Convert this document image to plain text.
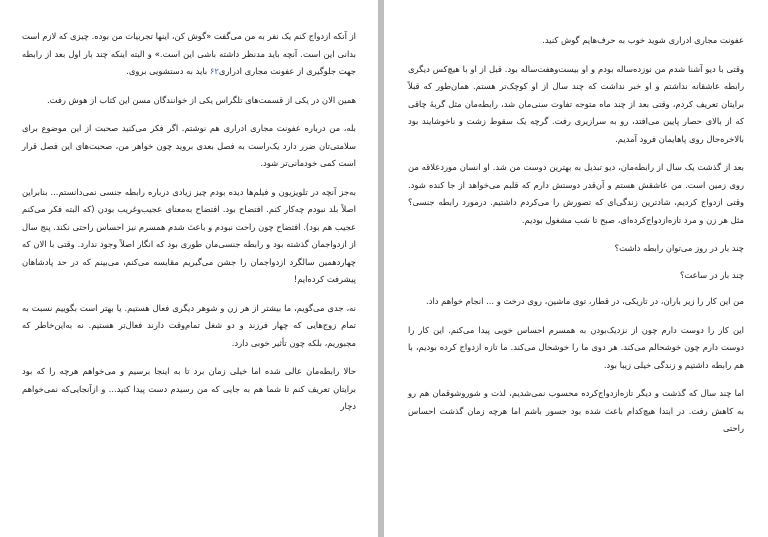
از آنکه ازدواج کنم یک نفر به من می‌گفت «گوش کن، اینها تجربیات من بوده. چیزی که لازم است بدانی این است. آنچه باید مدنظر داشته باشی این است.» و البته اینکه چند بار اول بعد از رابطه جهت جلوگیری از عفونت مجاری ادراری۶۲ باید به دستشویی بروی.

همین الان در یکی از قسمت‌های تلگراس یکی از خوانندگان مسن این کتاب از هوش رفت.

بله، من درباره عفونت مجاری ادراری هم نوشتم. اگر فکر می‌کنید صحبت از این موضوع برای سلامتی‌تان ضرر دارد یک‌راست به فصل بعدی بروید چون خواهر من، صحبت‌های این فصل قرار است کمی خودمانی‌تر شود.

به‌جز آنچه در تلویزیون و فیلم‌ها دیده بودم چیز زیادی درباره رابطه جنسی نمی‌دانستم... بنابراین اصلاً بلد نبودم چه‌کار کنم. افتضاح بود. افتضاح به‌معنای عجیب‌وغریب بودن (که البته فکر می‌کنم عجیب هم بود). افتضاح چون راحت نبودم و باعث شدم همسرم نیز احساس راحتی نکند. پنج سال از ازدواجمان گذشته بود و رابطه جنسی‌مان طوری بود که انگار اصلاً وجود ندارد. وقتی با الان که چهاردهمین سالگرد ازدواجمان را جشن می‌گیریم مقایسه می‌کنم، می‌بینم که در حد پادشاهان پیشرفت کرده‌ایم!

نه، جدی می‌گویم، ما بیشتر از هر زن و شوهر دیگری فعال هستیم. یا بهتر است بگوییم نسبت به تمام زوج‌هایی که چهار فرزند و دو شغل تمام‌وقت دارند فعال‌تر هستیم. نه به‌این‌خاطر که مجبوریم، بلکه چون تأثیر خوبی دارد.

حالا رابطه‌مان عالی شده اما خیلی زمان برد تا به اینجا برسیم و می‌خواهم هرچه را که بود برایتان تعریف کنم تا شما هم به جایی که من رسیدم دست پیدا کنید... و ازآنجایی‌که نمی‌خواهم دچار

عفونت مجاری ادراری شوید خوب به حرف‌هایم گوش کنید.

وقتی با دیو آشنا شدم من نوزده‌ساله بودم و او بیست‌وهفت‌ساله بود. قبل از او با هیچ‌کس دیگری رابطه عاشقانه نداشتم و او خبر نداشت که چند سال از او کوچک‌تر هستم. همان‌طور که قبلاً برایتان تعریف کردم، وقتی بعد از چند ماه متوجه تفاوت سنی‌مان شد، رابطه‌مان مثل گربهٔ چاقی که از بالای حصار پایین می‌افتد، رو به سرازیری رفت. گرچه یک سقوط زشت و ناخوشایند بود بالاخره‌حال روی پاهایمان فرود آمدیم.

بعد از گذشت یک سال از رابطه‌مان، دیو تبدیل به بهترین دوست من شد. او انسان موردعلاقه من روی زمین است. من عاشقش هستم و آن‌قدر دوستش دارم که قلبم می‌خواهد از جا کنده شود. وقتی ازدواج کردیم، شادترین زندگی‌ای که تصورش را می‌کردم داشتیم. درمورد رابطه جنسی؟ مثل هر زن و مرد تازه‌ازدواج‌کرده‌ای، صبح تا شب مشغول بودیم.

چند بار در روز می‌توان رابطه داشت؟

چند بار در ساعت؟

من این کار را زیر باران، در تاریکی، در قطار، توی ماشین، روی درخت و ... انجام خواهم داد.

این کار را دوست دارم چون از نزدیک‌بودن به همسرم احساس خوبی پیدا می‌کنم. این کار را دوست دارم چون خوشحالم می‌کند. هر دوی ما را خوشحال می‌کند. ما تازه ازدواج کرده بودیم، با هم رابطه داشتیم و زندگی خیلی زیبا بود.

اما چند سال که گذشت و دیگر تازه‌ازدواج‌کرده محسوب نمی‌شدیم، لذت و شوروشوقمان هم رو به کاهش رفت. در ابتدا هیچ‌کدام باعث شده بود جسور باشم اما هرچه زمان گذشت احساس راحتی
